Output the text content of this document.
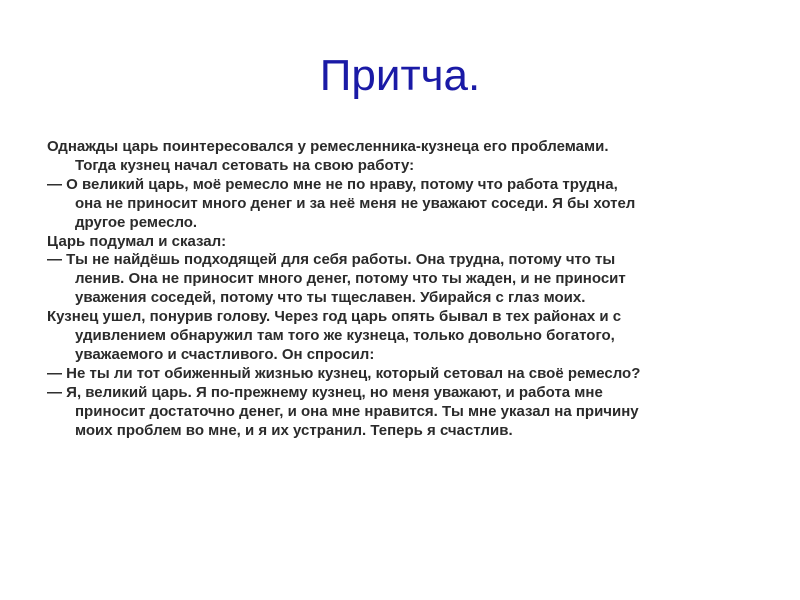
Притча.

Однажды царь поинтересовался у ремесленника-кузнеца его проблемами.
Тогда кузнец начал сетовать на свою работу:

— О великий царь, моё ремесло мне не по нраву, потому что работа трудна,
она не приносит много денег и за неё меня не уважают соседи. Я бы хотел
другое ремесло.

Царь подумал и сказал:

— Ты не найдёшь подходящей для себя работы. Она трудна, потому что ты
ленив. Она не приносит много денег, потому что ты жаден, и не приносит
уважения соседей, потому что ты тщеславен. Убирайся с глаз моих.

Кузнец ушел, понурив голову. Через год царь опять бывал в тех районах и с
удивлением обнаружил там того же кузнеца, только довольно богатого,
уважаемого и счастливого. Он спросил:

— Не ты ли тот обиженный жизнью кузнец, который сетовал на своё ремесло?

— Я, великий царь. Я по-прежнему кузнец, но меня уважают, и работа мне
приносит достаточно денег, и она мне нравится. Ты мне указал на причину
моих проблем во мне, и я их устранил. Теперь я счастлив.
